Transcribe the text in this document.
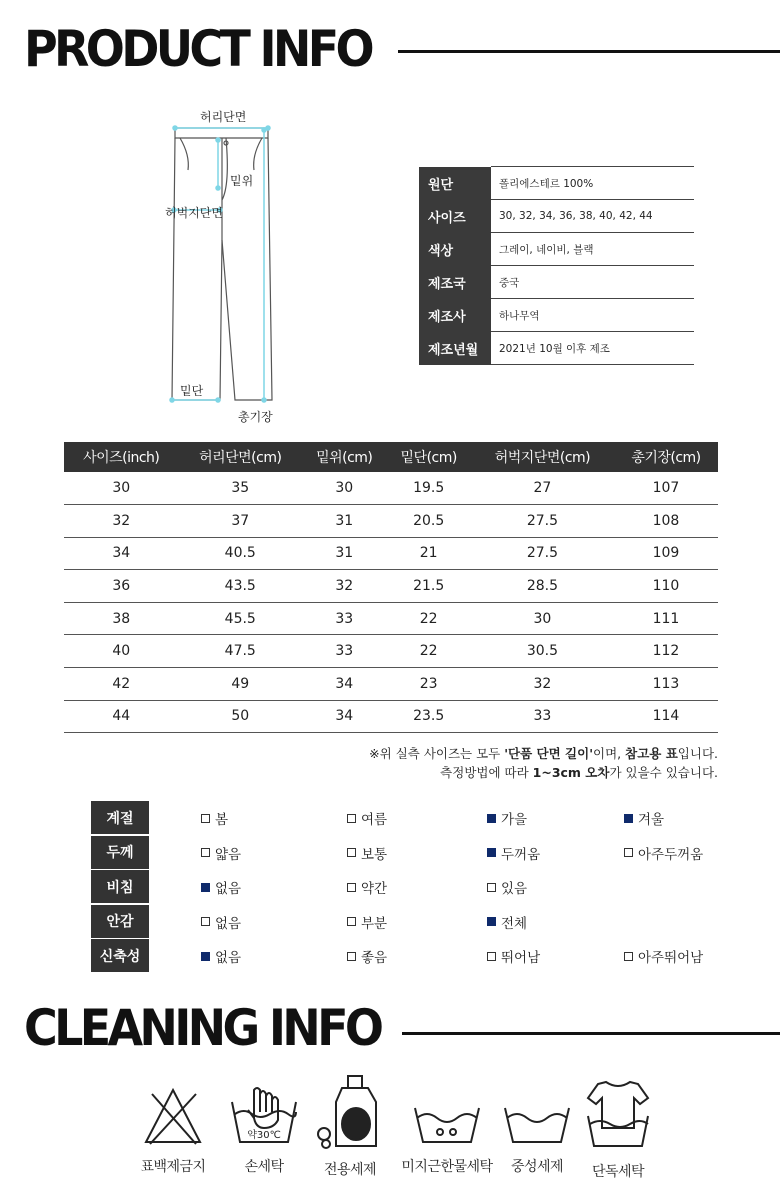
PRODUCT INFO
허리단면
밑위
허벅지단면
밑단
총기장
원단	폴리에스테르 100%
사이즈	30, 32, 34, 36, 38, 40, 42, 44
색상	그레이, 네이비, 블랙
제조국	중국
제조사	하나무역
제조년월	2021년 10월 이후 제조
사이즈(inch)	허리단면(cm)	밑위(cm)	밑단(cm)	허벅지단면(cm)	총기장(cm)
30	35	30	19.5	27	107
32	37	31	20.5	27.5	108
34	40.5	31	21	27.5	109
36	43.5	32	21.5	28.5	110
38	45.5	33	22	30	111
40	47.5	33	22	30.5	112
42	49	34	23	32	113
44	50	34	23.5	33	114
※위 실측 사이즈는 모두 '단품 단면 길이'이며, 참고용 표입니다.
측정방법에 따라 1~3cm 오차가 있을수 있습니다.
계절	봄	여름	가을	겨울
두께	얇음	보통	두꺼움	아주두꺼움
비침	없음	약간	있음
안감	없음	부분	전체
신축성	없음	좋음	뛰어남	아주뛰어남
CLEANING INFO
표백제금지
약30℃
손세탁	전용세제	미지근한물세탁	중성세제	단독세탁
